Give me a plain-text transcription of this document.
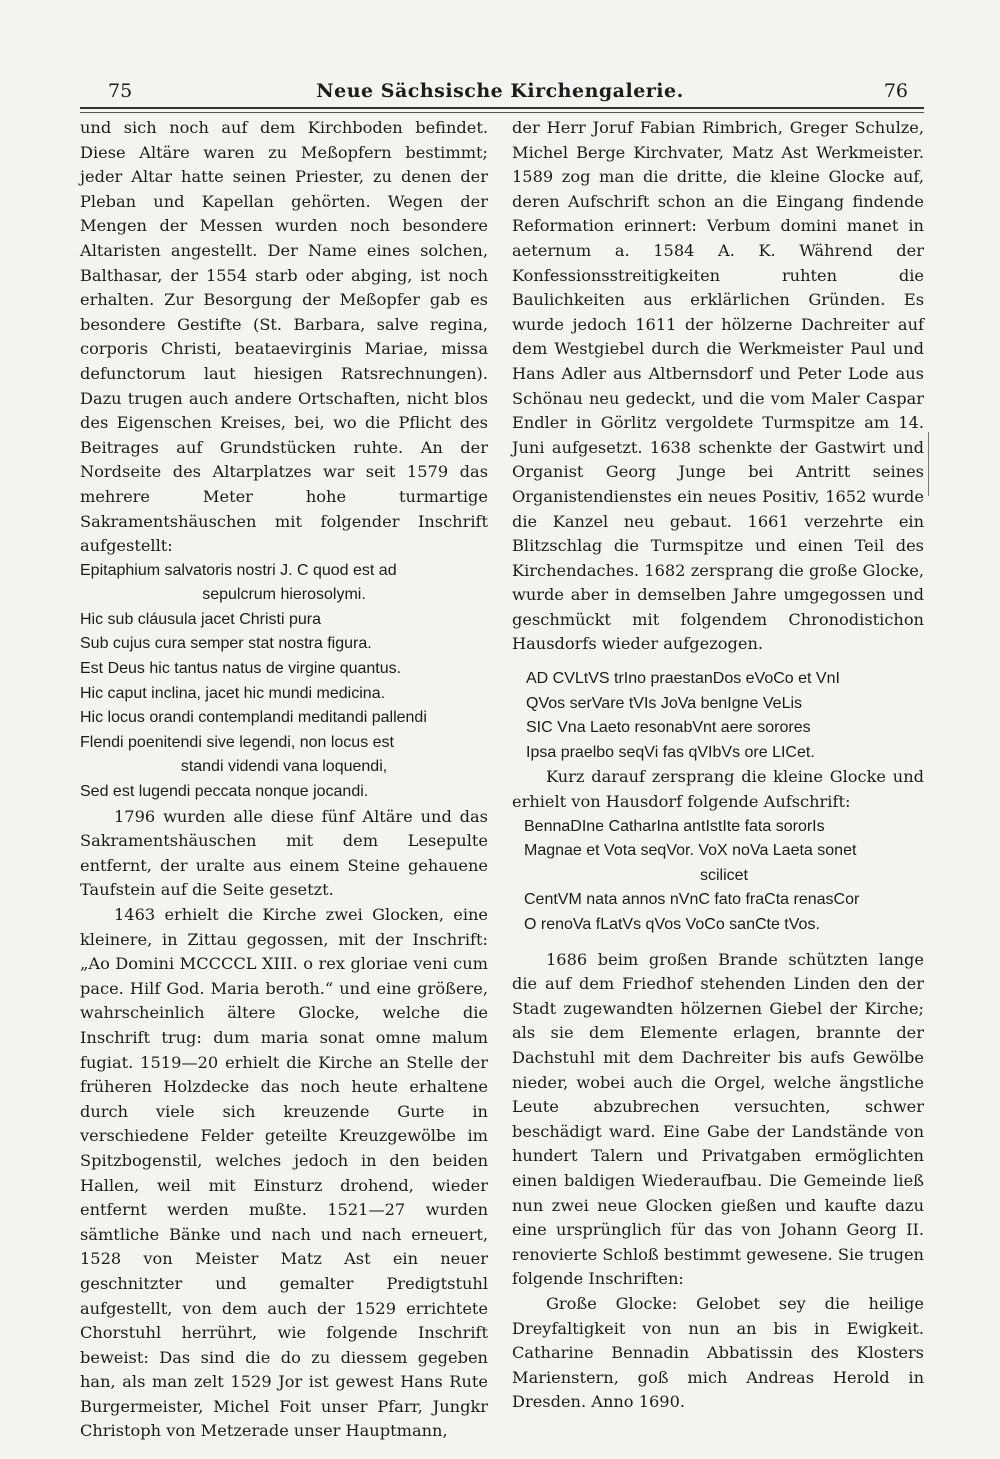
75	Neue Sächsische Kirchengalerie.	76

und sich noch auf dem Kirchboden befindet. Diese Altäre waren zu Meßopfern bestimmt; jeder Altar hatte seinen Priester, zu denen der Pleban und Kapellan gehörten. Wegen der Mengen der Messen wurden noch besondere Altaristen angestellt. Der Name eines solchen, Balthasar, der 1554 starb oder abging, ist noch erhalten. Zur Besorgung der Meßopfer gab es besondere Gestifte (St. Barbara, salve regina, corporis Christi, beataevirginis Mariae, missa defunctorum laut hiesigen Ratsrechnungen). Dazu trugen auch andere Ortschaften, nicht blos des Eigenschen Kreises, bei, wo die Pflicht des Beitrages auf Grundstücken ruhte. An der Nordseite des Altarplatzes war seit 1579 das mehrere Meter hohe turmartige Sakramentshäuschen mit folgender Inschrift aufgestellt:

Epitaphium salvatoris nostri J. C quod est ad
sepulcrum hierosolymi.
Hic sub cláusula jacet Christi pura
Sub cujus cura semper stat nostra figura.
Est Deus hic tantus natus de virgine quantus.
Hic caput inclina, jacet hic mundi medicina.
Hic locus orandi contemplandi meditandi pallendi
Flendi poenitendi sive legendi, non locus est
standi videndi vana loquendi,
Sed est lugendi peccata nonque jocandi.

1796 wurden alle diese fünf Altäre und das Sakramentshäuschen mit dem Lesepulte entfernt, der uralte aus einem Steine gehauene Taufstein auf die Seite gesetzt.

1463 erhielt die Kirche zwei Glocken, eine kleinere, in Zittau gegossen, mit der Inschrift: „Ao Domini MCCCCL XIII. o rex gloriae veni cum pace. Hilf God. Maria beroth.“ und eine größere, wahrscheinlich ältere Glocke, welche die Inschrift trug: dum maria sonat omne malum fugiat. 1519—20 erhielt die Kirche an Stelle der früheren Holzdecke das noch heute erhaltene durch viele sich kreuzende Gurte in verschiedene Felder geteilte Kreuzgewölbe im Spitzbogenstil, welches jedoch in den beiden Hallen, weil mit Einsturz drohend, wieder entfernt werden mußte. 1521—27 wurden sämtliche Bänke und nach und nach erneuert, 1528 von Meister Matz Ast ein neuer geschnitzter und gemalter Predigtstuhl aufgestellt, von dem auch der 1529 errichtete Chorstuhl herrührt, wie folgende Inschrift beweist: Das sind die do zu diessem gegeben han, als man zelt 1529 Jor ist gewest Hans Rute Burgermeister, Michel Foit unser Pfarr, Jungkr Christoph von Metzerade unser Hauptmann,

der Herr Joruf Fabian Rimbrich, Greger Schulze, Michel Berge Kirchvater, Matz Ast Werkmeister. 1589 zog man die dritte, die kleine Glocke auf, deren Aufschrift schon an die Eingang findende Reformation erinnert: Verbum domini manet in aeternum a. 1584 A. K. Während der Konfessionsstreitigkeiten ruhten die Baulichkeiten aus erklärlichen Gründen. Es wurde jedoch 1611 der hölzerne Dachreiter auf dem Westgiebel durch die Werkmeister Paul und Hans Adler aus Altbernsdorf und Peter Lode aus Schönau neu gedeckt, und die vom Maler Caspar Endler in Görlitz vergoldete Turmspitze am 14. Juni aufgesetzt. 1638 schenkte der Gastwirt und Organist Georg Junge bei Antritt seines Organistendienstes ein neues Positiv, 1652 wurde die Kanzel neu gebaut. 1661 verzehrte ein Blitzschlag die Turmspitze und einen Teil des Kirchendaches. 1682 zersprang die große Glocke, wurde aber in demselben Jahre umgegossen und geschmückt mit folgendem Chronodistichon Hausdorfs wieder aufgezogen.

AD CVLtVS trIno praestanDos eVoCo et VnI
QVos serVare tVIs JoVa benIgne VeLis
SIC Vna Laeto resonabVnt aere sorores
Ipsa praelbo seqVi fas qVIbVs ore LICet.

Kurz darauf zersprang die kleine Glocke und erhielt von Hausdorf folgende Aufschrift:

BennaDIne CatharIna antIstIte fata sororIs
Magnae et Vota seqVor. VoX noVa Laeta sonet
scilicet
CentVM nata annos nVnC fato fraCta renasCor
O renoVa fLatVs qVos VoCo sanCte tVos.

1686 beim großen Brande schützten lange die auf dem Friedhof stehenden Linden den der Stadt zugewandten hölzernen Giebel der Kirche; als sie dem Elemente erlagen, brannte der Dachstuhl mit dem Dachreiter bis aufs Gewölbe nieder, wobei auch die Orgel, welche ängstliche Leute abzubrechen versuchten, schwer beschädigt ward. Eine Gabe der Landstände von hundert Talern und Privatgaben ermöglichten einen baldigen Wiederaufbau. Die Gemeinde ließ nun zwei neue Glocken gießen und kaufte dazu eine ursprünglich für das von Johann Georg II. renovierte Schloß bestimmt gewesene. Sie trugen folgende Inschriften:

Große Glocke: Gelobet sey die heilige Dreyfaltigkeit von nun an bis in Ewigkeit. Catharine Bennadin Abbatissin des Klosters Marienstern, goß mich Andreas Herold in Dresden. Anno 1690.
